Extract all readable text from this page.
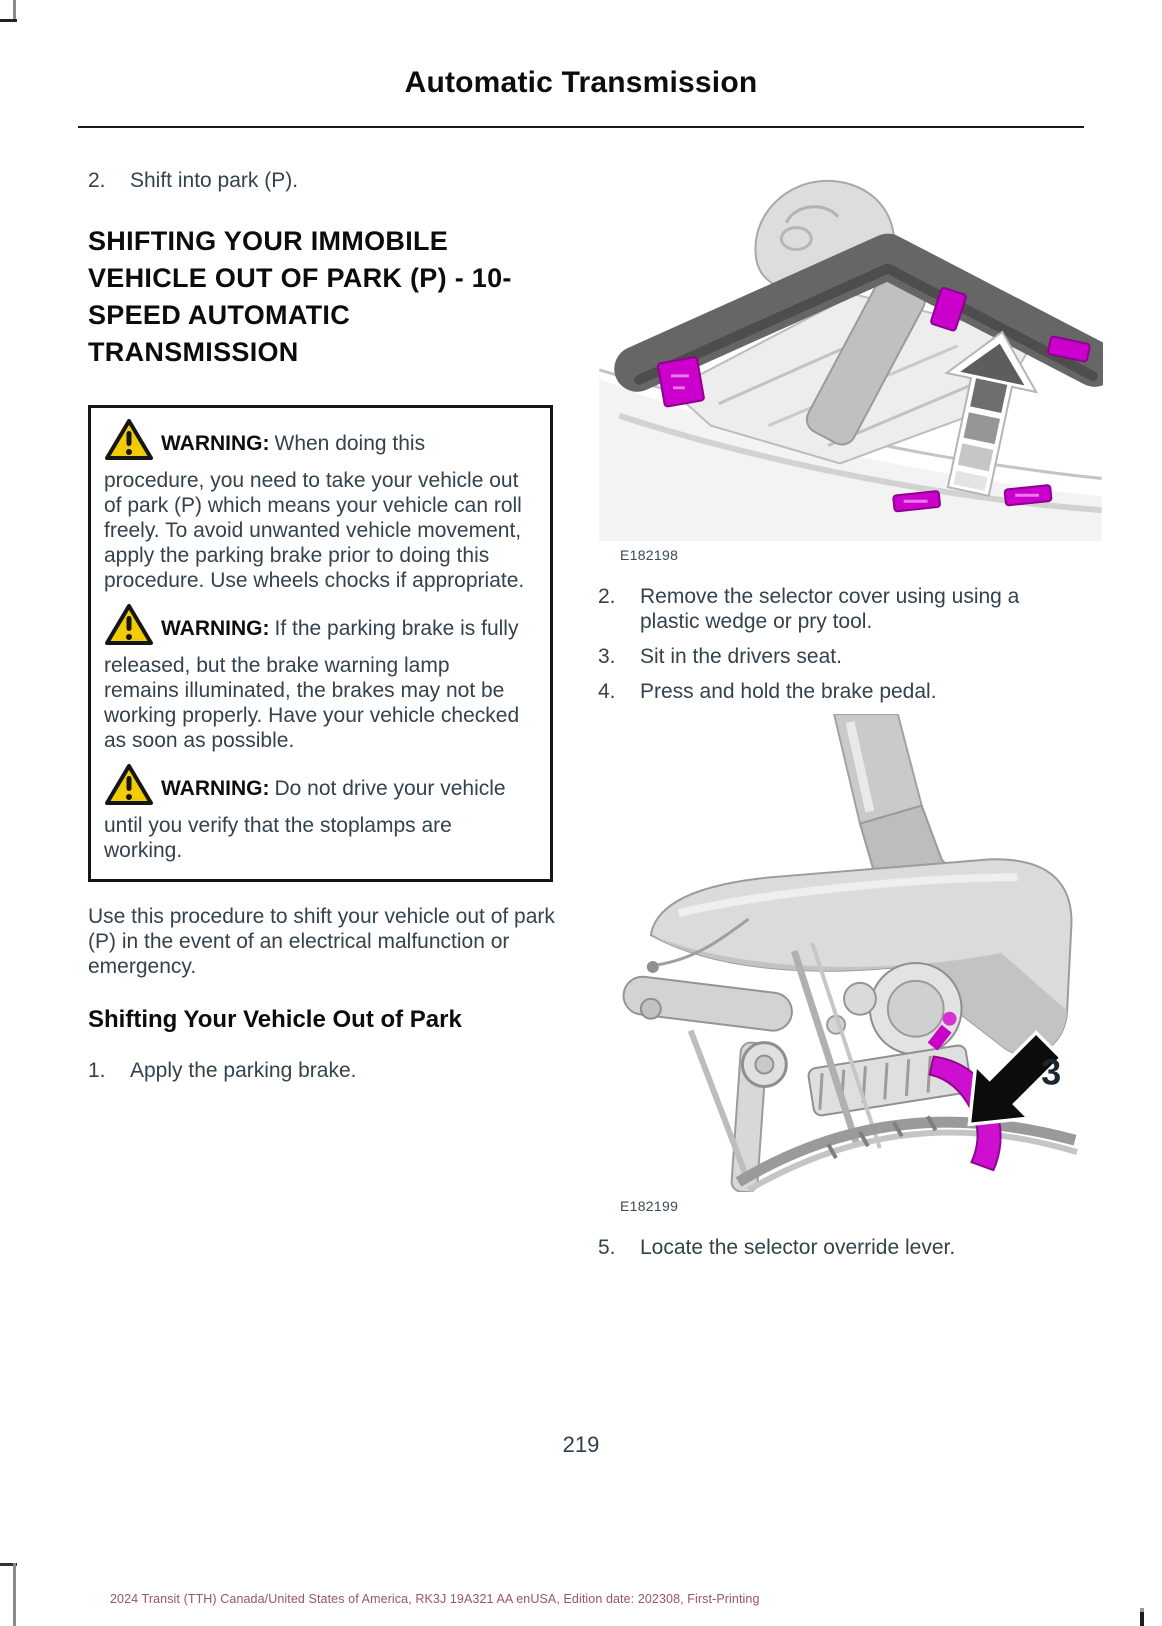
Automatic Transmission
2.	Shift into park (P).
SHIFTING YOUR IMMOBILE VEHICLE OUT OF PARK (P) - 10-SPEED AUTOMATIC TRANSMISSION

WARNING: When doing this procedure, you need to take your vehicle out of park (P) which means your vehicle can roll freely. To avoid unwanted vehicle movement, apply the parking brake prior to doing this procedure. Use wheels chocks if appropriate.

WARNING: If the parking brake is fully released, but the brake warning lamp remains illuminated, the brakes may not be working properly. Have your vehicle checked as soon as possible.

WARNING: Do not drive your vehicle until you verify that the stoplamps are working.

Use this procedure to shift your vehicle out of park (P) in the event of an electrical malfunction or emergency.

Shifting Your Vehicle Out of Park
1.	Apply the parking brake.
E182198
2.	Remove the selector cover using using a plastic wedge or pry tool.
3.	Sit in the drivers seat.
4.	Press and hold the brake pedal.
3
E182199
5.	Locate the selector override lever.
219
2024 Transit (TTH) Canada/United States of America, RK3J 19A321 AA enUSA, Edition date: 202308, First-Printing
